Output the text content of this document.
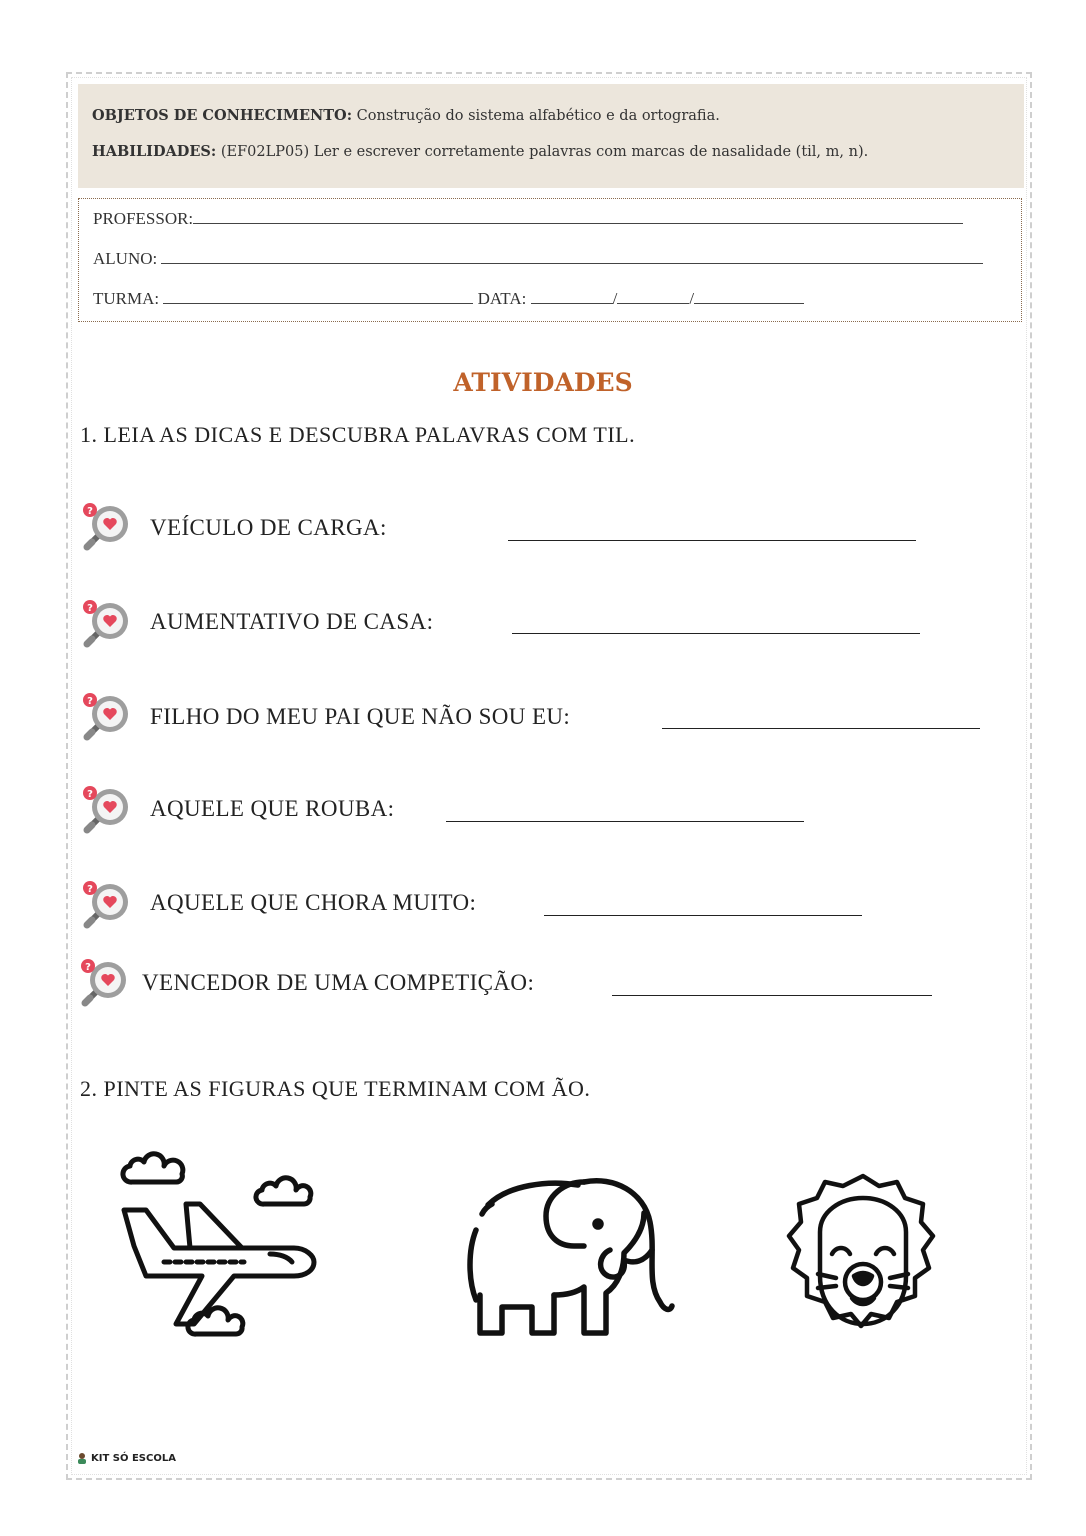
OBJETOS DE CONHECIMENTO: Construção do sistema alfabético e da ortografia.
HABILIDADES: (EF02LP05) Ler e escrever corretamente palavras com marcas de nasalidade (til, m, n).
PROFESSOR:
ALUNO:
TURMA:	DATA:	/	/
ATIVIDADES
1. LEIA AS DICAS E DESCUBRA PALAVRAS COM TIL.
VEÍCULO DE CARGA:
AUMENTATIVO DE CASA:
FILHO DO MEU PAI QUE NÃO SOU EU:
AQUELE QUE ROUBA:
AQUELE QUE CHORA MUITO:
VENCEDOR DE UMA COMPETIÇÃO:
2. PINTE AS FIGURAS QUE TERMINAM COM ÃO.
KIT SÓ ESCOLA
